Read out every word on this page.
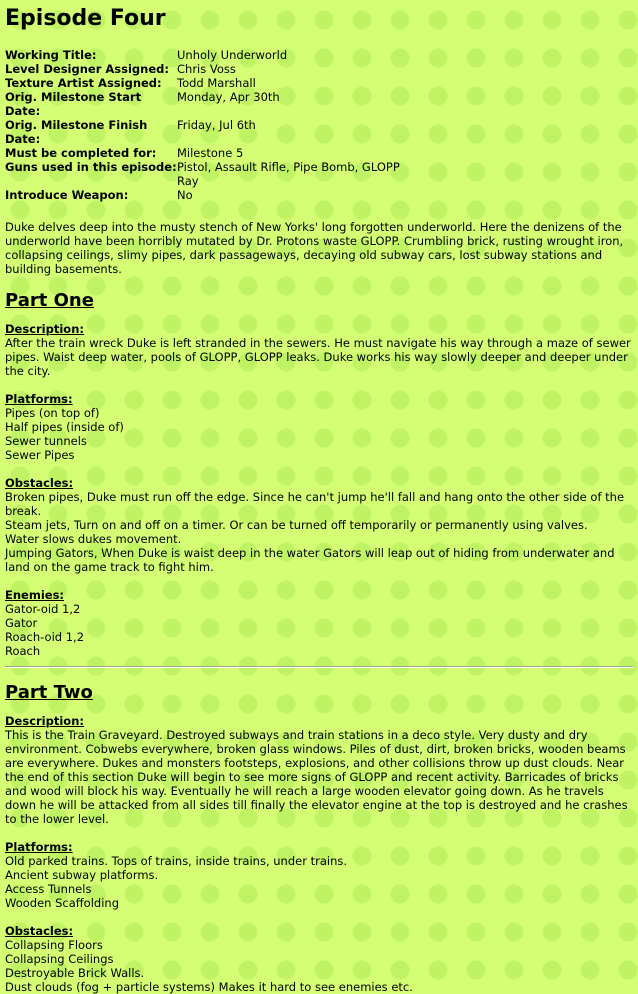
Episode Four
Working Title:	Unholy Underworld
Level Designer Assigned: Chris Voss
Texture Artist Assigned:	Todd Marshall
Orig. Milestone Start Date:
Monday, Apr 30th
Orig. Milestone Finish Date:
Friday, Jul 6th
Must be completed for:	Milestone 5
Guns used in this episode: Pistol, Assault Rifle, Pipe Bomb, GLOPP
Ray
Introduce Weapon:	No

Duke delves deep into the musty stench of New Yorks' long forgotten underworld. Here the denizens of the underworld have been horribly mutated by Dr. Protons waste GLOPP. Crumbling brick, rusting wrought iron, collapsing ceilings, slimy pipes, dark passageways, decaying old subway cars, lost subway stations and building basements.

Part One

Description:

After the train wreck Duke is left stranded in the sewers. He must navigate his way through a maze of sewer pipes. Waist deep water, pools of GLOPP, GLOPP leaks. Duke works his way slowly deeper and deeper under the city.

Platforms:

Pipes (on top of)

Half pipes (inside of)

Sewer tunnels

Sewer Pipes

Obstacles:

Broken pipes, Duke must run off the edge. Since he can't jump he'll fall and hang onto the other side of the break.

Steam jets, Turn on and off on a timer. Or can be turned off temporarily or permanently using valves.

Water slows dukes movement.

Jumping Gators, When Duke is waist deep in the water Gators will leap out of hiding from underwater and land on the game track to fight him.

Enemies:

Gator-oid 1,2

Gator

Roach-oid 1,2

Roach

Part Two

Description:

This is the Train Graveyard. Destroyed subways and train stations in a deco style. Very dusty and dry environment. Cobwebs everywhere, broken glass windows. Piles of dust, dirt, broken bricks, wooden beams are everywhere. Dukes and monsters footsteps, explosions, and other collisions throw up dust clouds. Near the end of this section Duke will begin to see more signs of GLOPP and recent activity. Barricades of bricks and wood will block his way. Eventually he will reach a large wooden elevator going down. As he travels down he will be attacked from all sides till finally the elevator engine at the top is destroyed and he crashes to the lower level.

Platforms:

Old parked trains. Tops of trains, inside trains, under trains.

Ancient subway platforms.

Access Tunnels

Wooden Scaffolding

Obstacles:

Collapsing Floors

Collapsing Ceilings

Destroyable Brick Walls.

Dust clouds (fog + particle systems) Makes it hard to see enemies etc.
